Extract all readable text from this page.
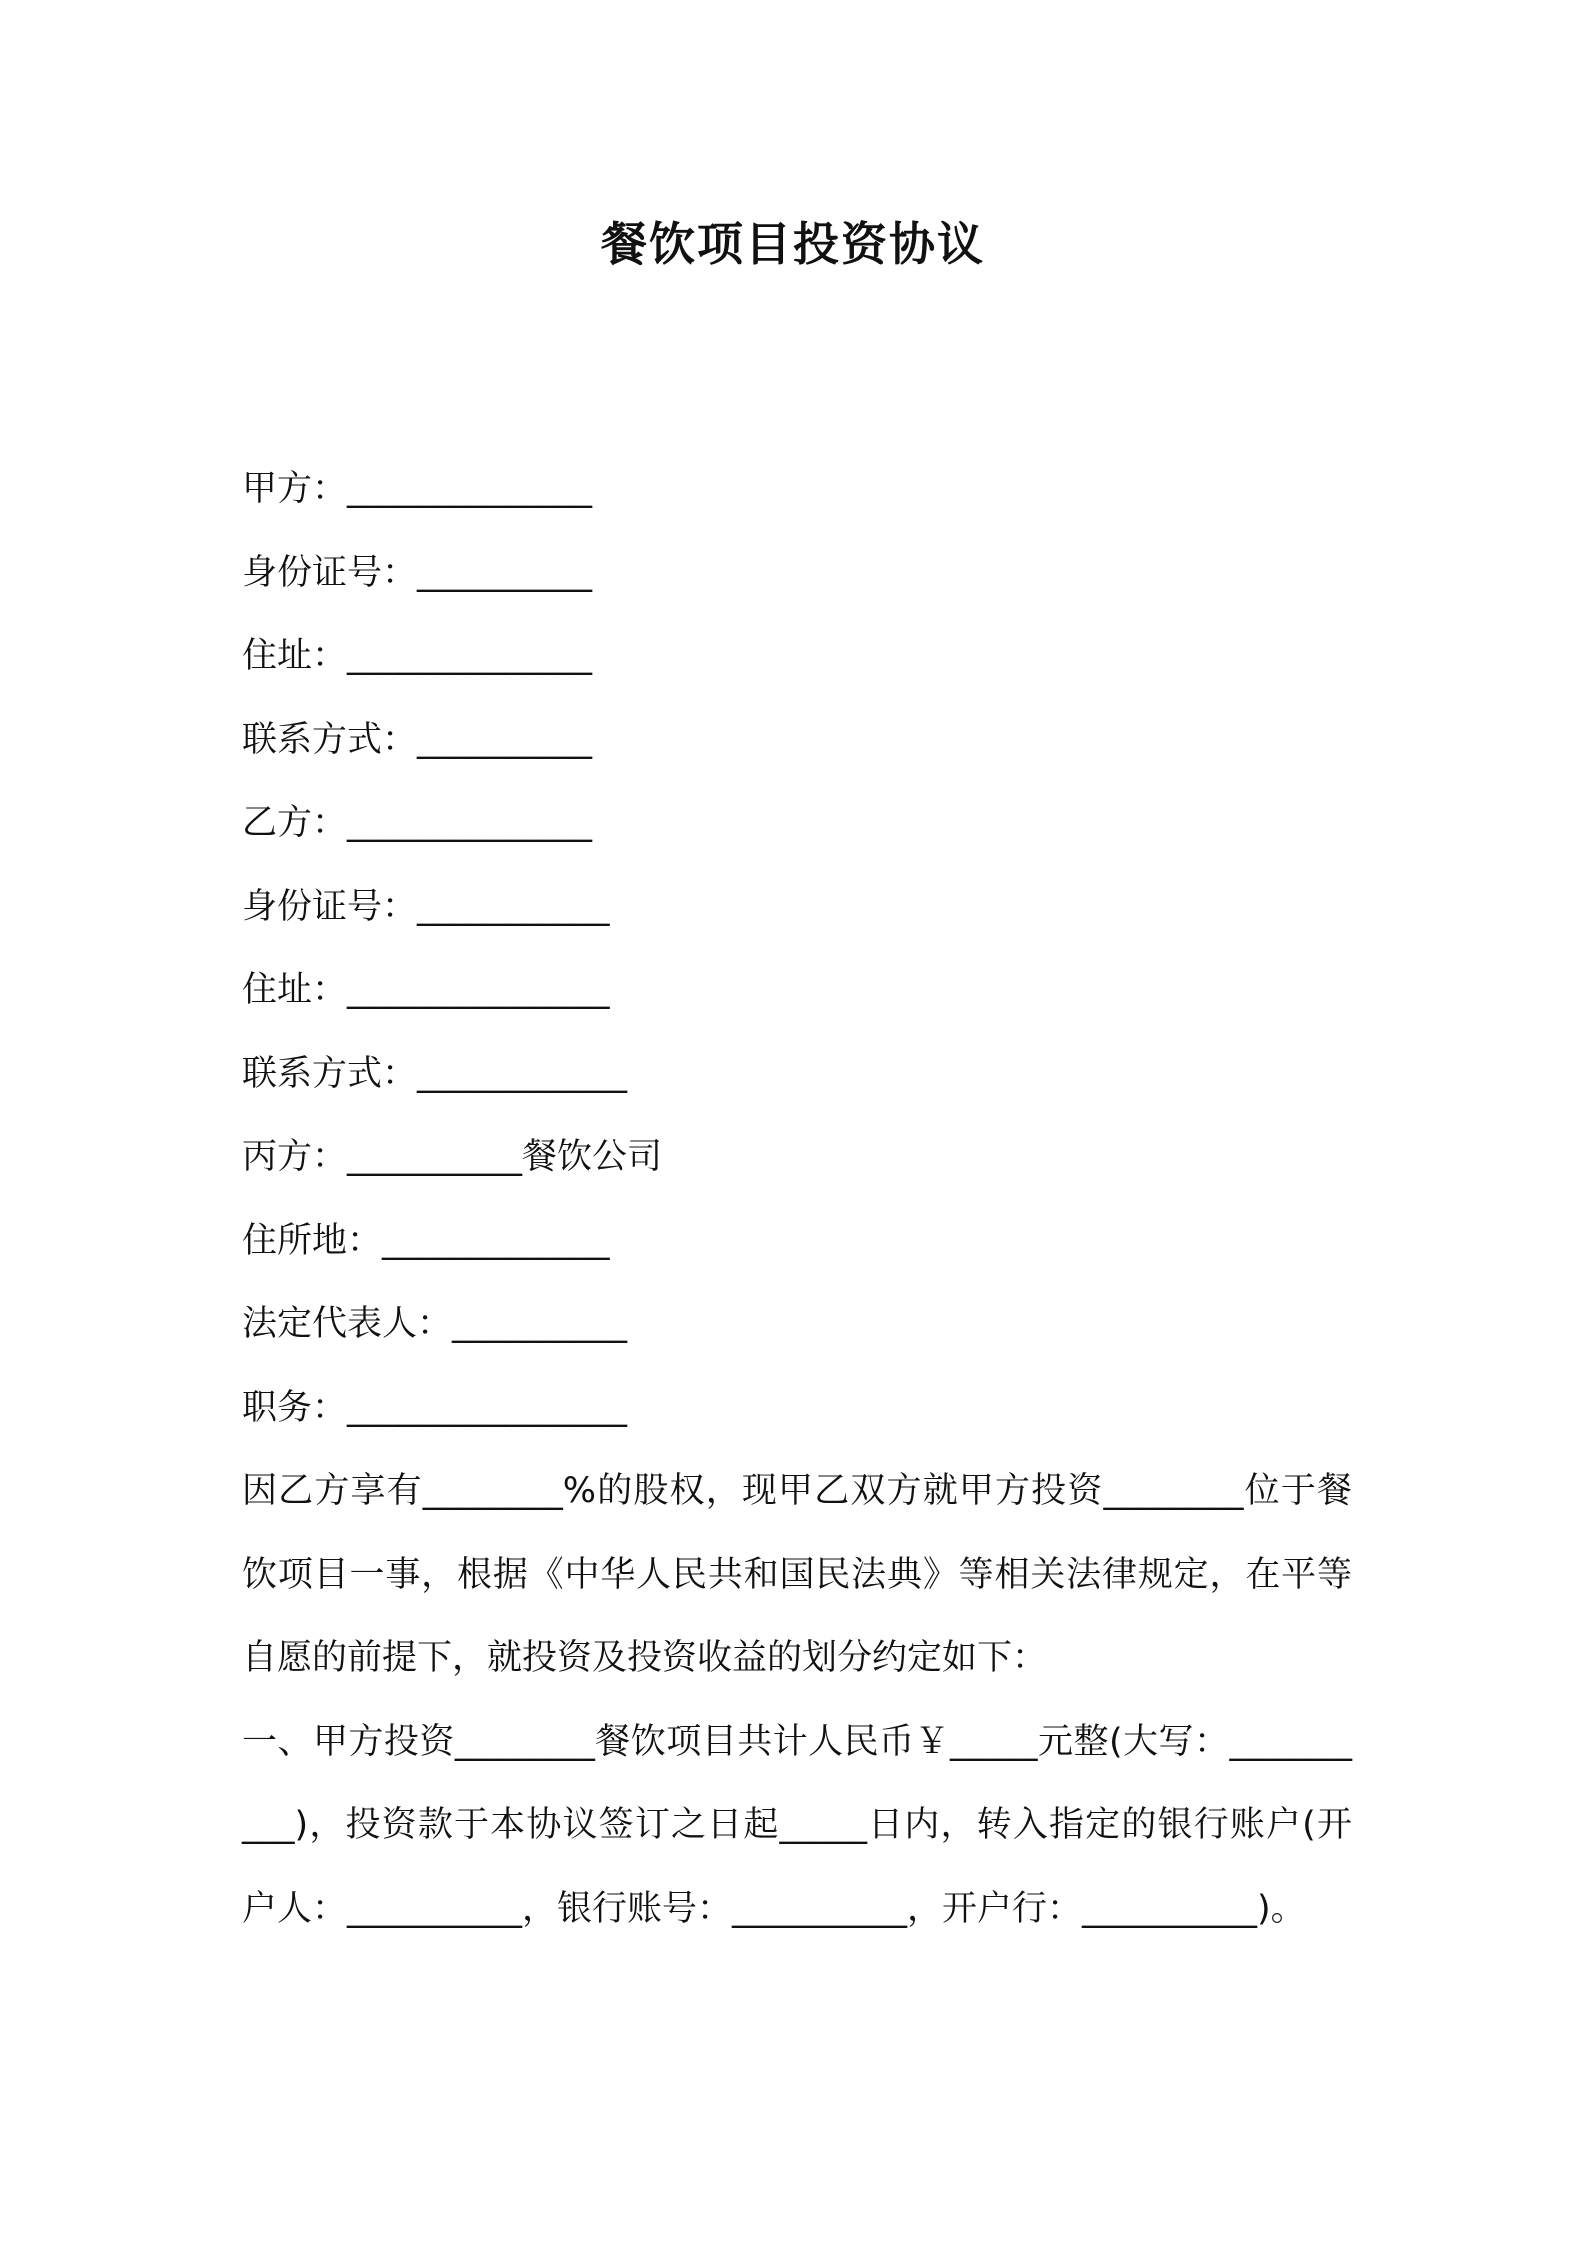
餐饮项目投资协议
甲方：______________
身份证号：__________
住址：______________
联系方式：__________
乙方：______________
身份证号：___________
住址：_______________
联系方式：____________
丙方：__________餐饮公司
住所地：_____________
法定代表人：__________
职务：________________
因乙方享有________%的股权，现甲乙双方就甲方投资________位于餐饮项目一事，根据《中华人民共和国民法典》等相关法律规定，在平等自愿的前提下，就投资及投资收益的划分约定如下：
一、甲方投资________餐饮项目共计人民币￥_____元整(大写：__________)，投资款于本协议签订之日起_____日内，转入指定的银行账户(开户人：__________，银行账号：__________，开户行：__________)。
